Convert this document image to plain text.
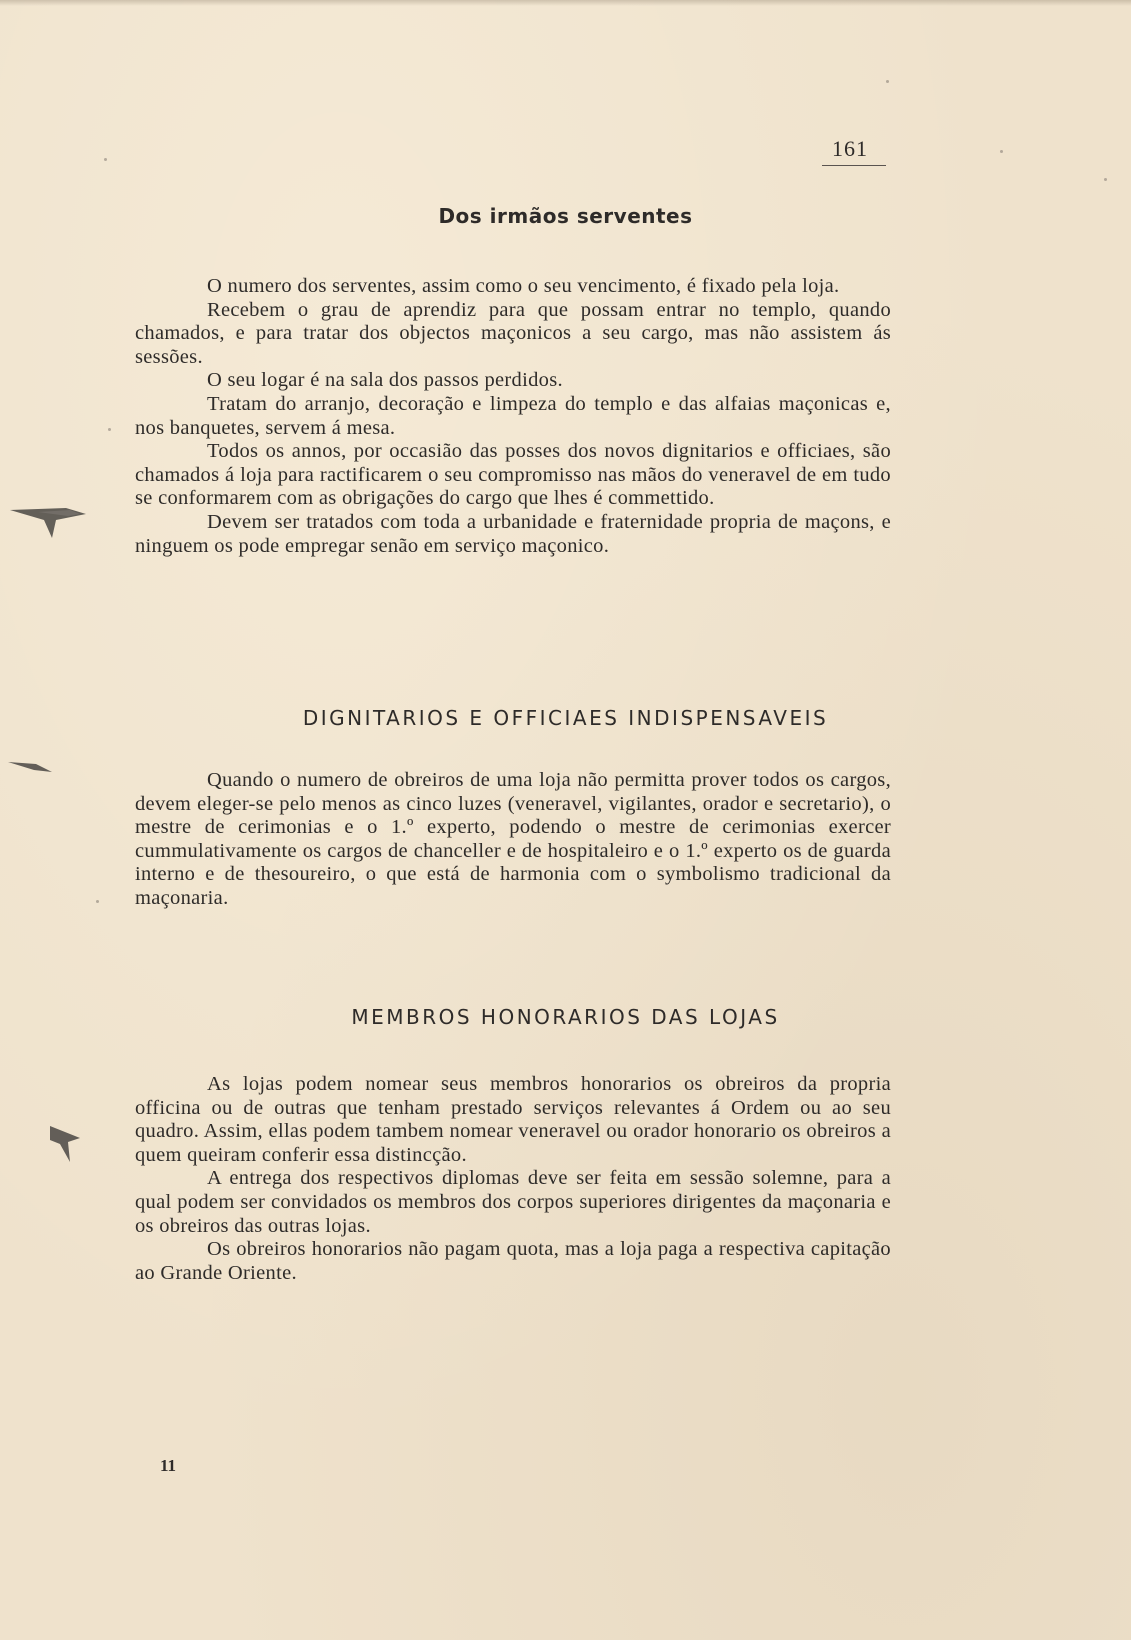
161
Dos irmãos serventes

O numero dos serventes, assim como o seu vencimento, é fixado pela loja.

Recebem o grau de aprendiz para que possam entrar no templo, quando chamados, e para tratar dos objectos maçonicos a seu cargo, mas não assistem ás sessões.

O seu logar é na sala dos passos perdidos.

Tratam do arranjo, decoração e limpeza do templo e das alfaias maçonicas e, nos banquetes, servem á mesa.

Todos os annos, por occasião das posses dos novos dignitarios e officiaes, são chamados á loja para ractificarem o seu compromisso nas mãos do veneravel de em tudo se conformarem com as obrigações do cargo que lhes é commettido.

Devem ser tratados com toda a urbanidade e fraternidade propria de maçons, e ninguem os pode empregar senão em serviço maçonico.

DIGNITARIOS E OFFICIAES INDISPENSAVEIS

Quando o numero de obreiros de uma loja não permitta prover todos os cargos, devem eleger-se pelo menos as cinco luzes (veneravel, vigilantes, orador e secretario), o mestre de cerimonias e o 1.º experto, podendo o mestre de cerimonias exercer cummulativamente os cargos de chanceller e de hospitaleiro e o 1.º experto os de guarda interno e de thesoureiro, o que está de harmonia com o symbolismo tradicional da maçonaria.

MEMBROS HONORARIOS DAS LOJAS

As lojas podem nomear seus membros honorarios os obreiros da propria officina ou de outras que tenham prestado serviços relevantes á Ordem ou ao seu quadro. Assim, ellas podem tambem nomear veneravel ou orador honorario os obreiros a quem queiram conferir essa distincção.

A entrega dos respectivos diplomas deve ser feita em sessão solemne, para a qual podem ser convidados os membros dos corpos superiores dirigentes da maçonaria e os obreiros das outras lojas.

Os obreiros honorarios não pagam quota, mas a loja paga a respectiva capitação ao Grande Oriente.

11
